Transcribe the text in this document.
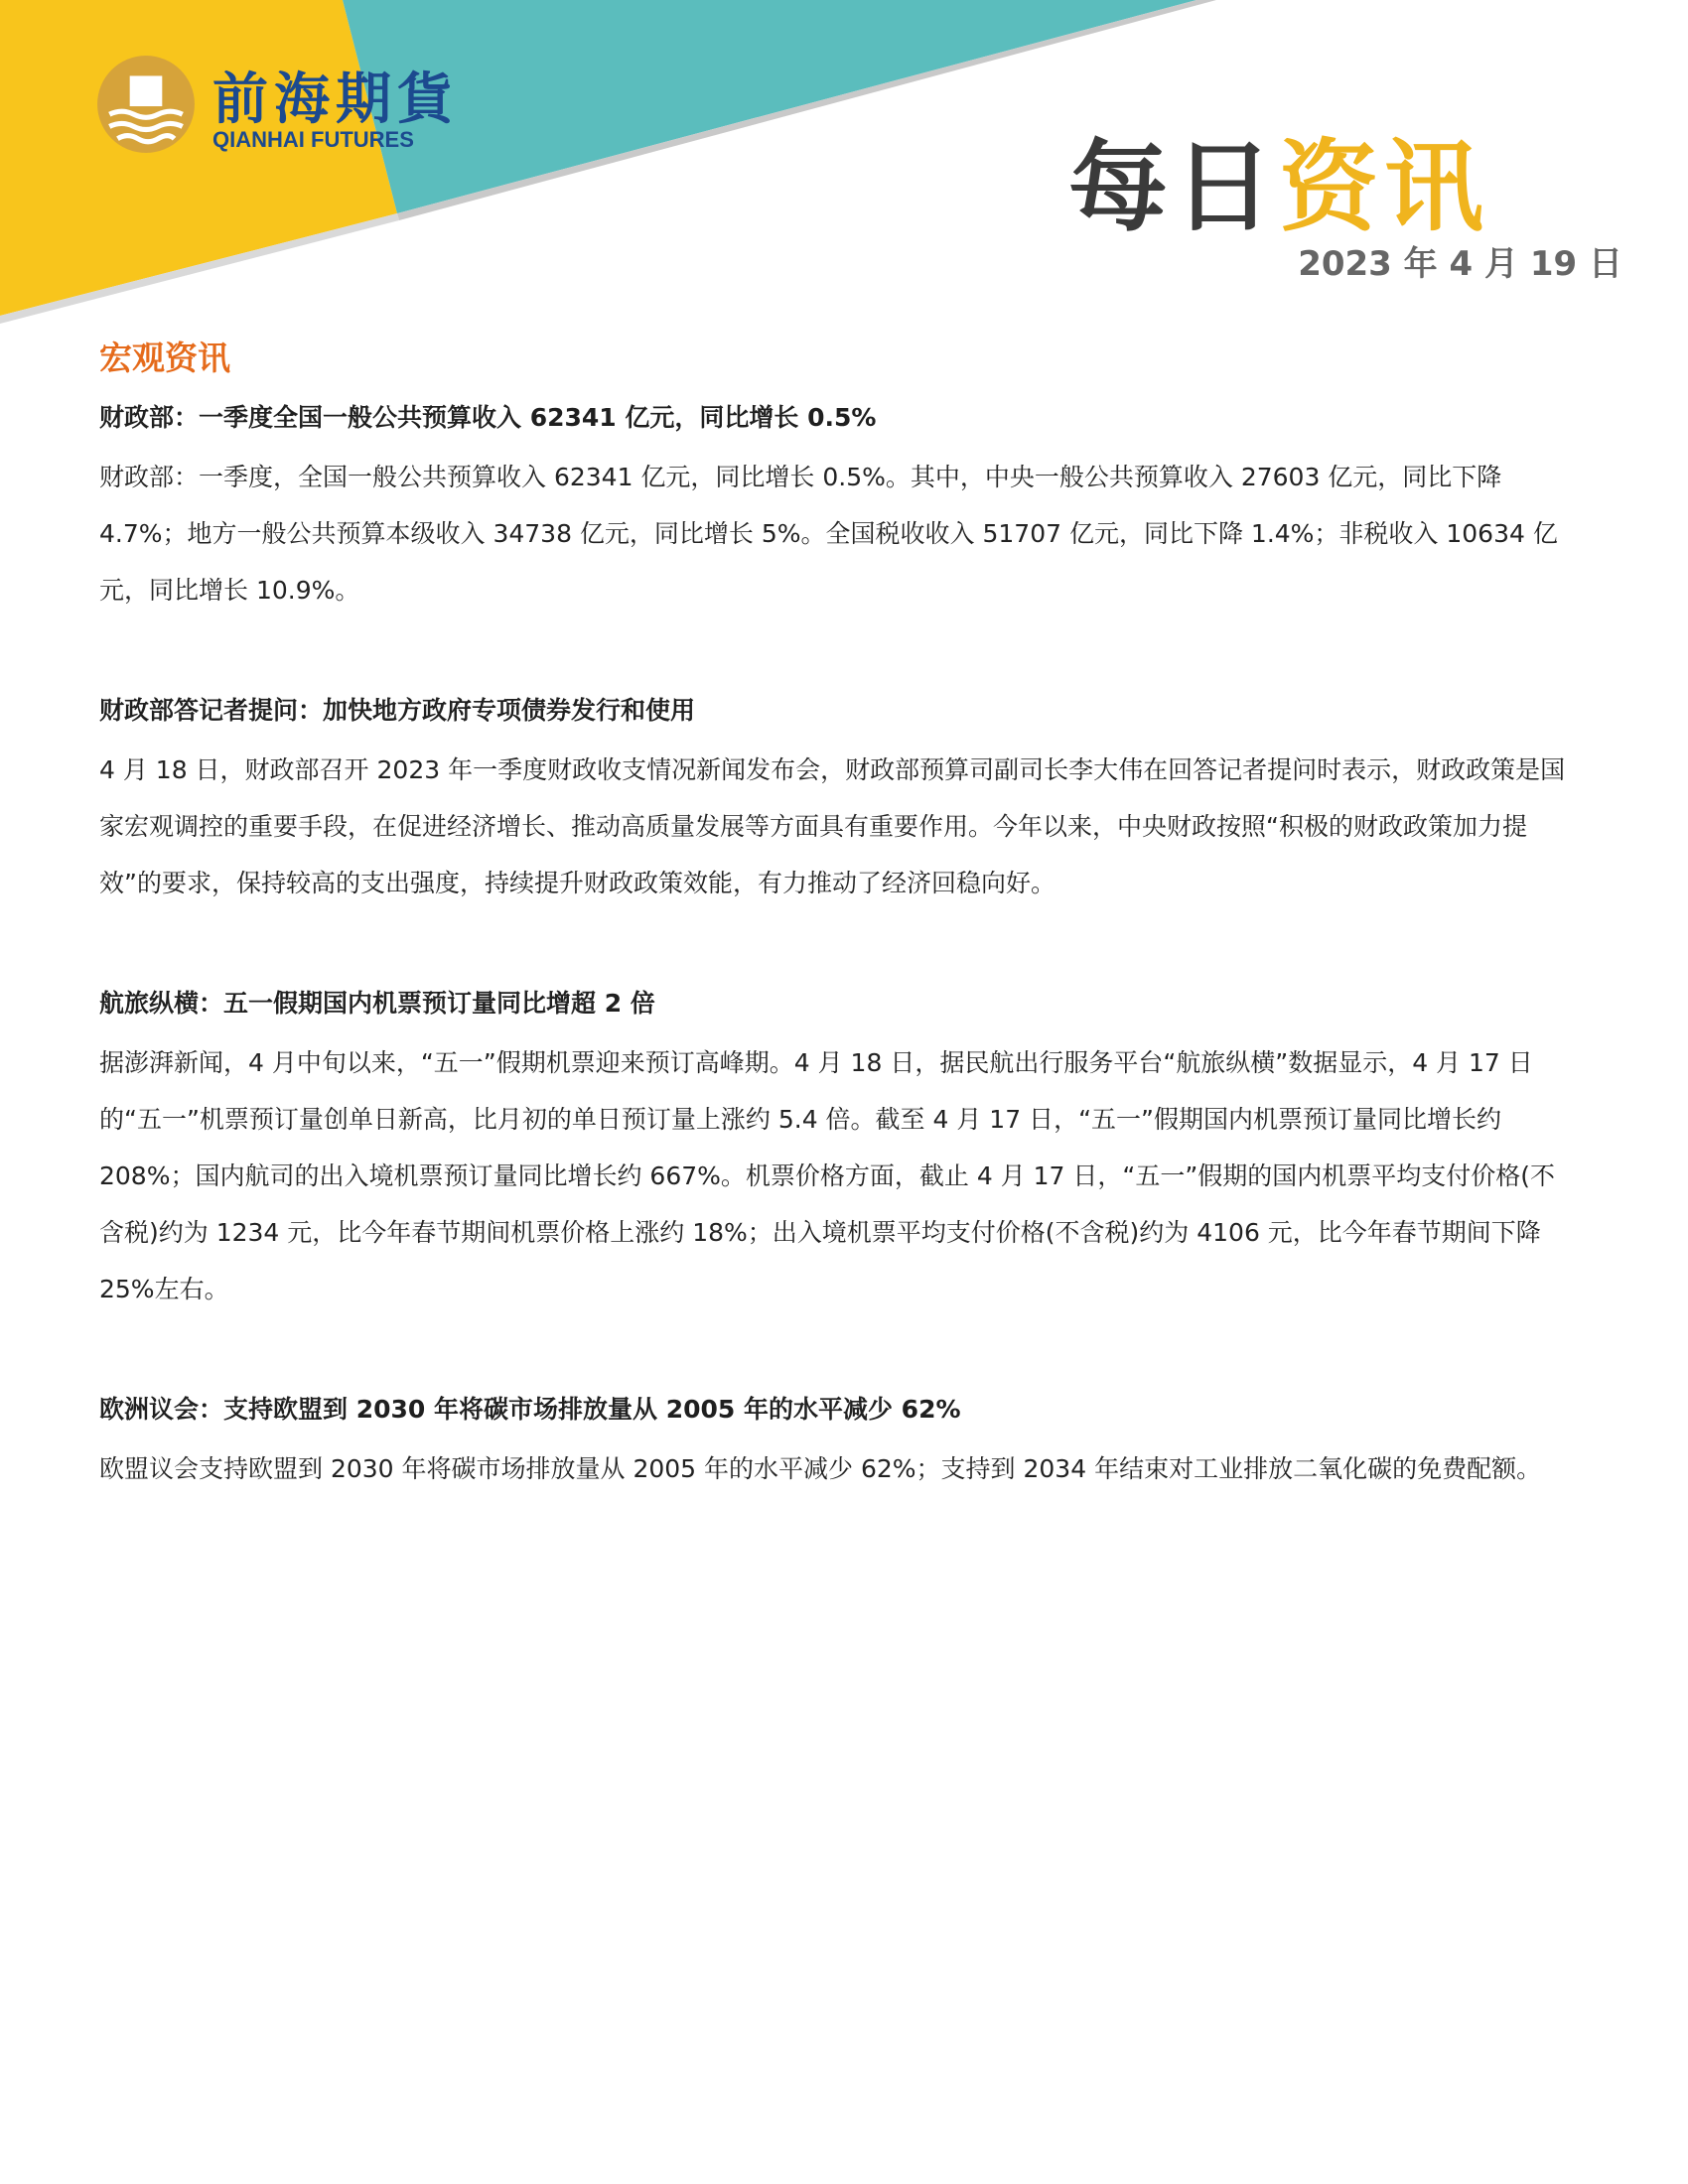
前海期貨
QIANHAI FUTURES	每日资讯
2023 年 4 月 19 日
宏观资讯
财政部：一季度全国一般公共预算收入 62341 亿元，同比增长 0.5%

财政部：一季度，全国一般公共预算收入 62341 亿元，同比增长 0.5%。其中，中央一般公共预算收入 27603 亿元，同比下降 4.7%；地方一般公共预算本级收入 34738 亿元，同比增长 5%。全国税收收入 51707 亿元，同比下降 1.4%；非税收入 10634 亿元，同比增长 10.9%。

财政部答记者提问：加快地方政府专项债券发行和使用

4 月 18 日，财政部召开 2023 年一季度财政收支情况新闻发布会，财政部预算司副司长李大伟在回答记者提问时表示，财政政策是国家宏观调控的重要手段，在促进经济增长、推动高质量发展等方面具有重要作用。今年以来，中央财政按照“积极的财政政策加力提效”的要求，保持较高的支出强度，持续提升财政政策效能，有力推动了经济回稳向好。

航旅纵横：五一假期国内机票预订量同比增超 2 倍

据澎湃新闻，4 月中旬以来，“五一”假期机票迎来预订高峰期。4 月 18 日，据民航出行服务平台“航旅纵横”数据显示，4 月 17 日的“五一”机票预订量创单日新高，比月初的单日预订量上涨约 5.4 倍。截至 4 月 17 日，“五一”假期国内机票预订量同比增长约 208%；国内航司的出入境机票预订量同比增长约 667%。机票价格方面，截止 4 月 17 日，“五一”假期的国内机票平均支付价格(不含税)约为 1234 元，比今年春节期间机票价格上涨约 18%；出入境机票平均支付价格(不含税)约为 4106 元，比今年春节期间下降 25%左右。

欧洲议会：支持欧盟到 2030 年将碳市场排放量从 2005 年的水平减少 62%

欧盟议会支持欧盟到 2030 年将碳市场排放量从 2005 年的水平减少 62%；支持到 2034 年结束对工业排放二氧化碳的免费配额。
